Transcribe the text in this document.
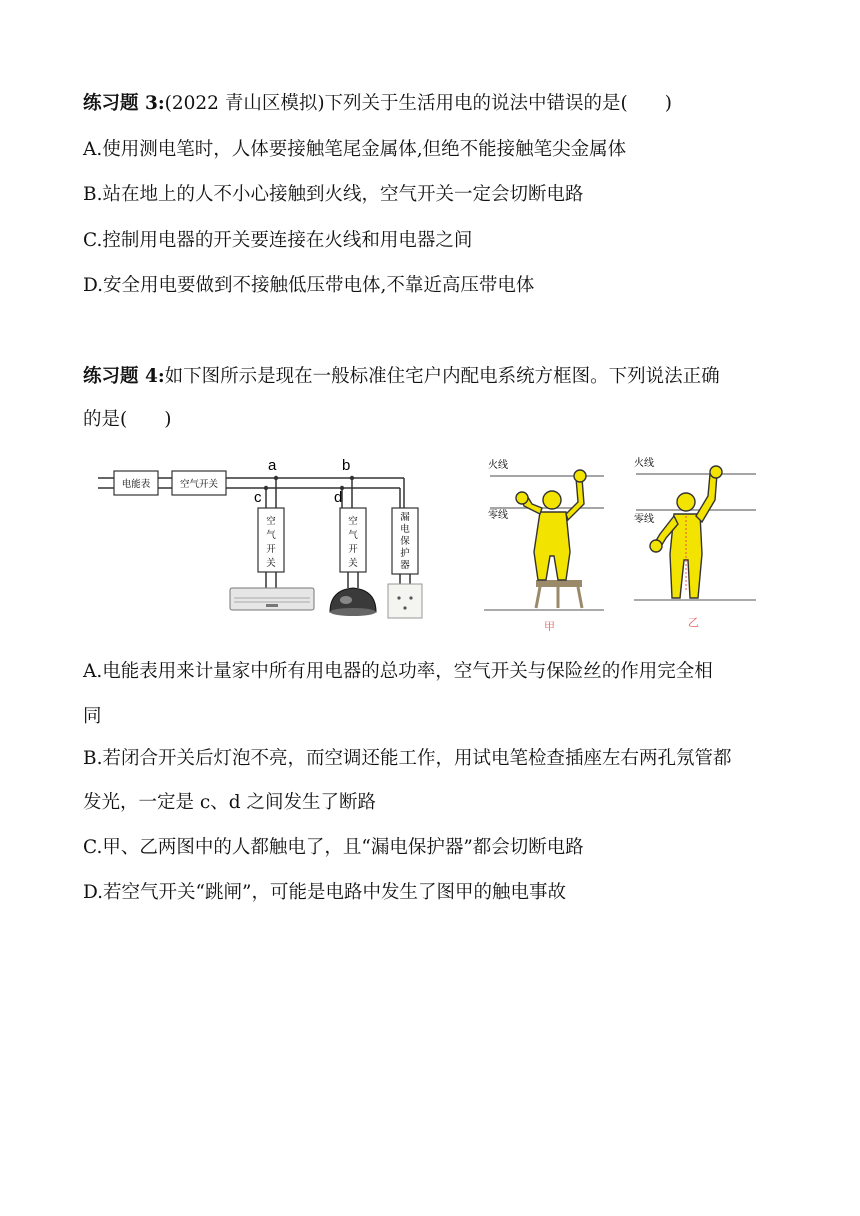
练习题 3:(2022 青山区模拟)下列关于生活用电的说法中错误的是(　　)
A.使用测电笔时，人体要接触笔尾金属体,但绝不能接触笔尖金属体
B.站在地上的人不小心接触到火线，空气开关一定会切断电路
C.控制用电器的开关要连接在火线和用电器之间
D.安全用电要做到不接触低压带电体,不靠近高压带电体
练习题 4:如下图所示是现在一般标准住宅户内配电系统方框图。下列说法正确
的是(　　)
电能表	空气开关
a
c
空气开关
b
d
空气开关
漏电保护器
火线
零线
甲
火线
零线
乙
A.电能表用来计量家中所有用电器的总功率，空气开关与保险丝的作用完全相
同
B.若闭合开关后灯泡不亮，而空调还能工作，用试电笔检查插座左右两孔氖管都
发光，一定是 c、d 之间发生了断路
C.甲、乙两图中的人都触电了，且“漏电保护器”都会切断电路
D.若空气开关“跳闸”，可能是电路中发生了图甲的触电事故
